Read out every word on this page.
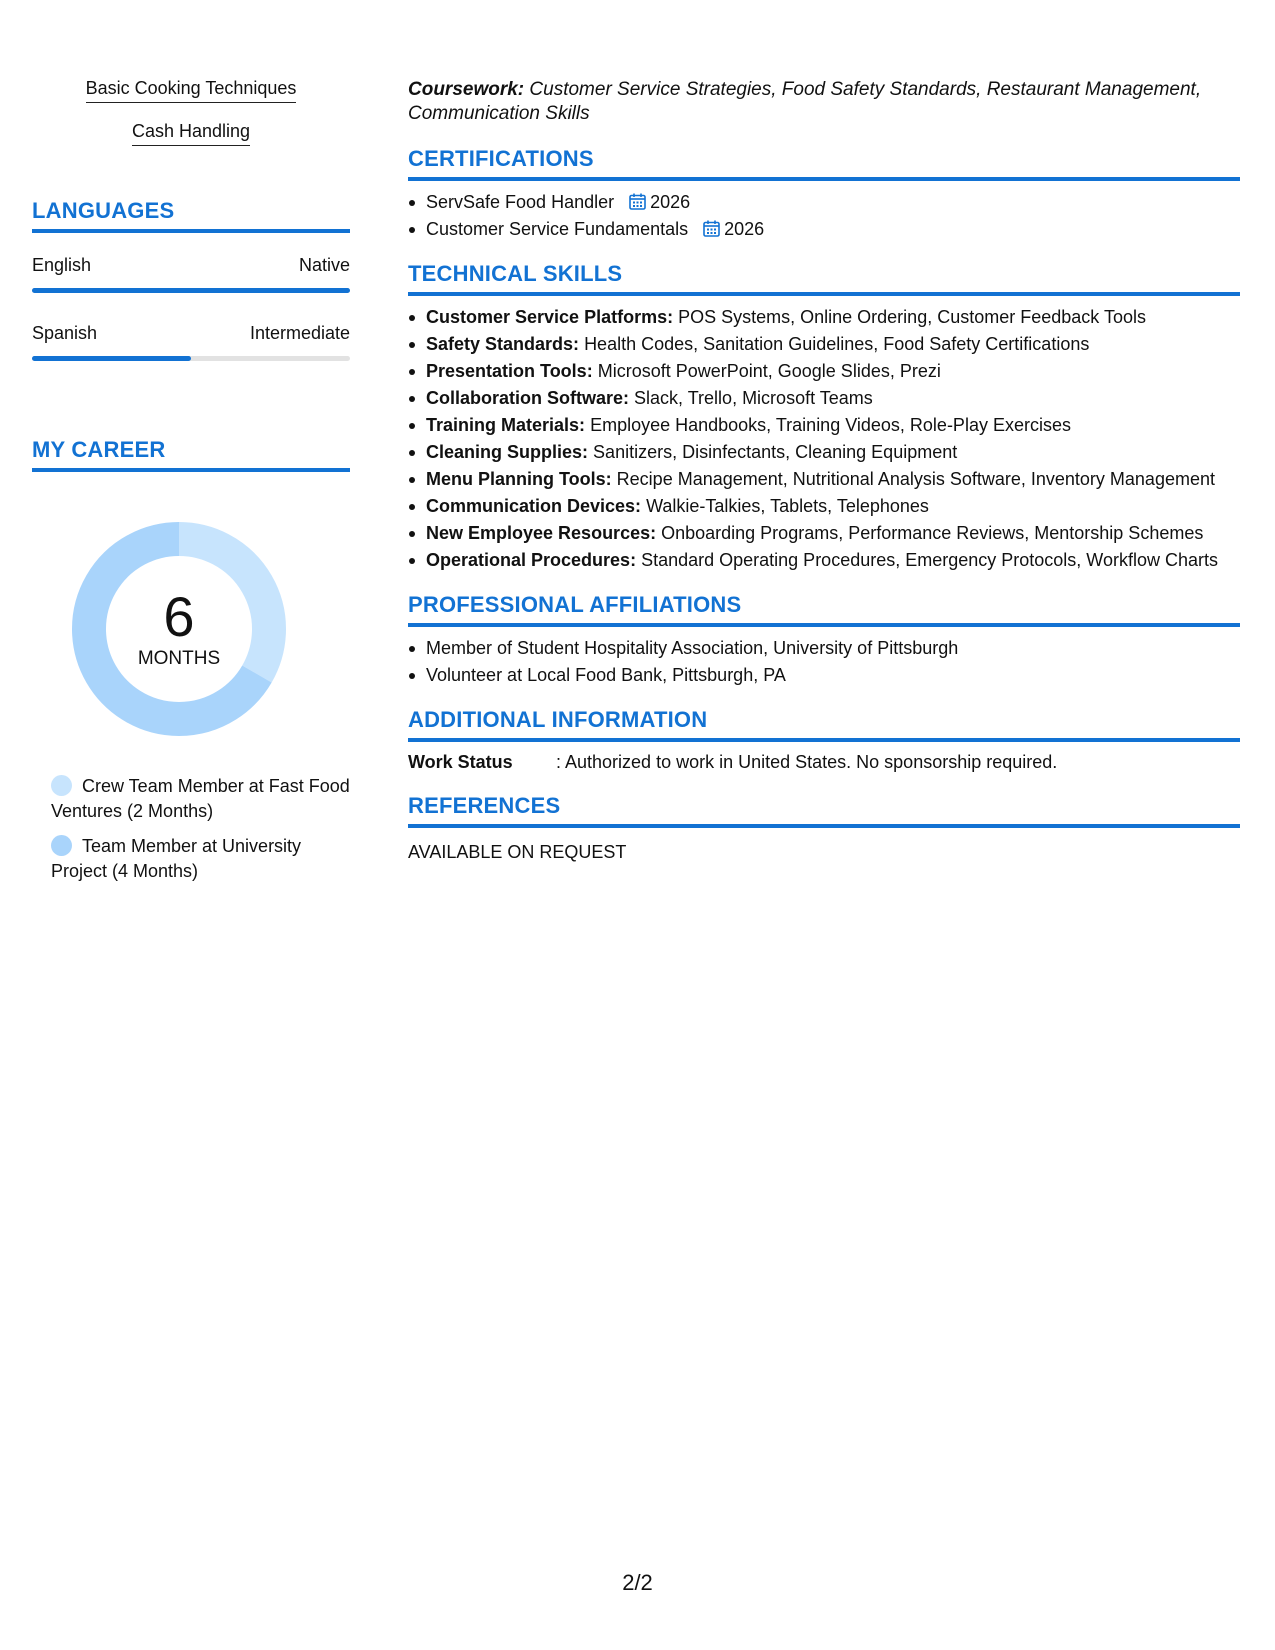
Basic Cooking Techniques
Cash Handling
LANGUAGES
English	Native
Spanish	Intermediate
MY CAREER
6
MONTHS
Crew Team Member at Fast Food Ventures (2 Months)
Team Member at University Project (4 Months)
Coursework: Customer Service Strategies, Food Safety Standards, Restaurant Management, Communication Skills
CERTIFICATIONS
ServSafe Food Handler 2026
Customer Service Fundamentals 2026
TECHNICAL SKILLS
Customer Service Platforms: POS Systems, Online Ordering, Customer Feedback Tools
Safety Standards: Health Codes, Sanitation Guidelines, Food Safety Certifications
Presentation Tools: Microsoft PowerPoint, Google Slides, Prezi
Collaboration Software: Slack, Trello, Microsoft Teams
Training Materials: Employee Handbooks, Training Videos, Role-Play Exercises
Cleaning Supplies: Sanitizers, Disinfectants, Cleaning Equipment
Menu Planning Tools: Recipe Management, Nutritional Analysis Software, Inventory Management
Communication Devices: Walkie-Talkies, Tablets, Telephones
New Employee Resources: Onboarding Programs, Performance Reviews, Mentorship Schemes
Operational Procedures: Standard Operating Procedures, Emergency Protocols, Workflow Charts
PROFESSIONAL AFFILIATIONS
Member of Student Hospitality Association, University of Pittsburgh
Volunteer at Local Food Bank, Pittsburgh, PA
ADDITIONAL INFORMATION
Work Status	: Authorized to work in United States. No sponsorship required.
REFERENCES
AVAILABLE ON REQUEST
2/2
